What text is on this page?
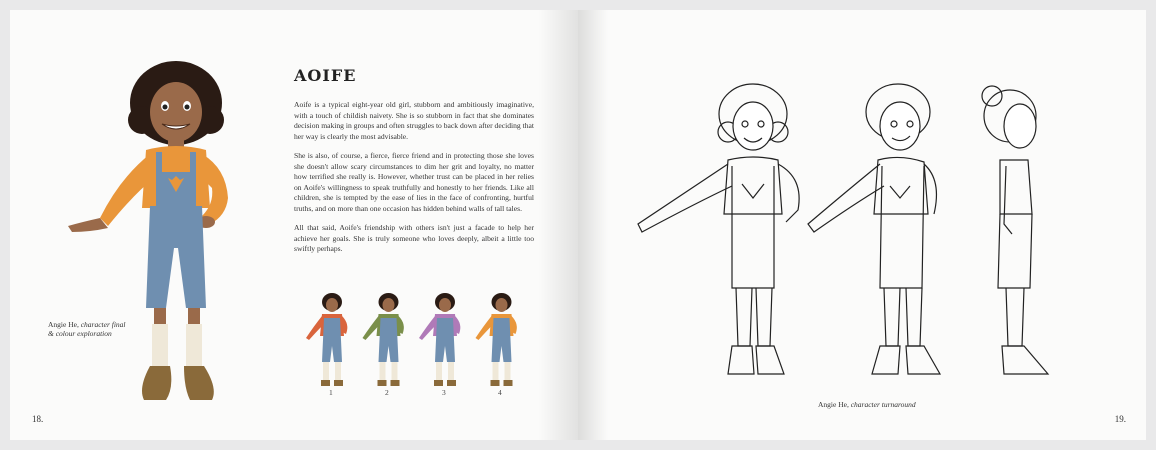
Angie He, character final
& colour exploration
AOIFE

Aoife is a typical eight-year old girl, stubborn and ambitiously imaginative, with a touch of childish naivety. She is so stubborn in fact that she dominates decision making in groups and often struggles to back down after deciding that her way is clearly the most advisable.

She is also, of course, a fierce, fierce friend and in protecting those she loves she doesn't allow scary circumstances to dim her grit and loyalty, no matter how terrified she really is. However, whether trust can be placed in her relies on Aoife's willingness to speak truthfully and honestly to her friends. Like all children, she is tempted by the ease of lies in the face of confronting, hurtful truths, and on more than one occasion has hidden behind walls of tall tales.

All that said, Aoife's friendship with others isn't just a facade to help her achieve her goals. She is truly someone who loves deeply, albeit a little too swiftly perhaps.

1	2	3	4
18.
Angie He, character turnaround
19.
